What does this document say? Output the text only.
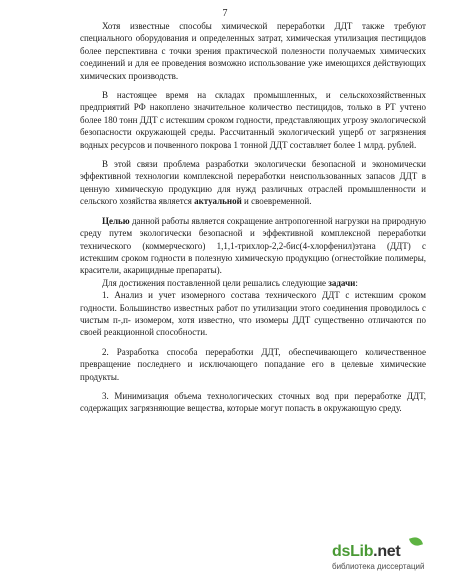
7

Хотя известные способы химической переработки ДДТ также требуют специального оборудования и определенных затрат, химическая утилизация пестицидов более перспективна с точки зрения практической полезности получаемых химических соединений и для ее проведения возможно использование уже имеющихся действующих химических производств.

В настоящее время на складах промышленных, и сельскохозяйственных предприятий РФ накоплено значительное количество пестицидов, только в РТ учтено более 180 тонн ДДТ с истекшим сроком годности, представляющих угрозу экологической безопасности окружающей среды. Рассчитанный экологический ущерб от загрязнения водных ресурсов и почвенного покрова 1 тонной ДДТ составляет более 1 млрд. рублей.

В этой связи проблема разработки экологически безопасной и экономически эффективной технологии комплексной переработки неиспользованных запасов ДДТ в ценную химическую продукцию для нужд различных отраслей промышленности и сельского хозяйства является актуальной и своевременной.

Целью данной работы является сокращение антропогенной нагрузки на природную среду путем экологически безопасной и эффективной комплексной переработки технического (коммерческого) 1,1,1-трихлор-2,2-бис(4-хлорфенил)этана (ДДТ) с истекшим сроком годности в полезную химическую продукцию (огнестойкие полимеры, красители, акарицидные препараты).

Для достижения поставленной цели решались следующие задачи:

1. Анализ и учет изомерного состава технического ДДТ с истекшим сроком годности. Большинство известных работ по утилизации этого соединения проводилось с чистым п-,п- изомером, хотя известно, что изомеры ДДТ существенно отличаются по своей реакционной способности.

2. Разработка способа переработки ДДТ, обеспечивающего количественное превращение последнего и исключающего попадание его в целевые химические продукты.

3. Минимизация объема технологических сточных вод при переработке ДДТ, содержащих загрязняющие вещества, которые могут попасть в окружающую среду.

dsLib.net
библиотека диссертаций
